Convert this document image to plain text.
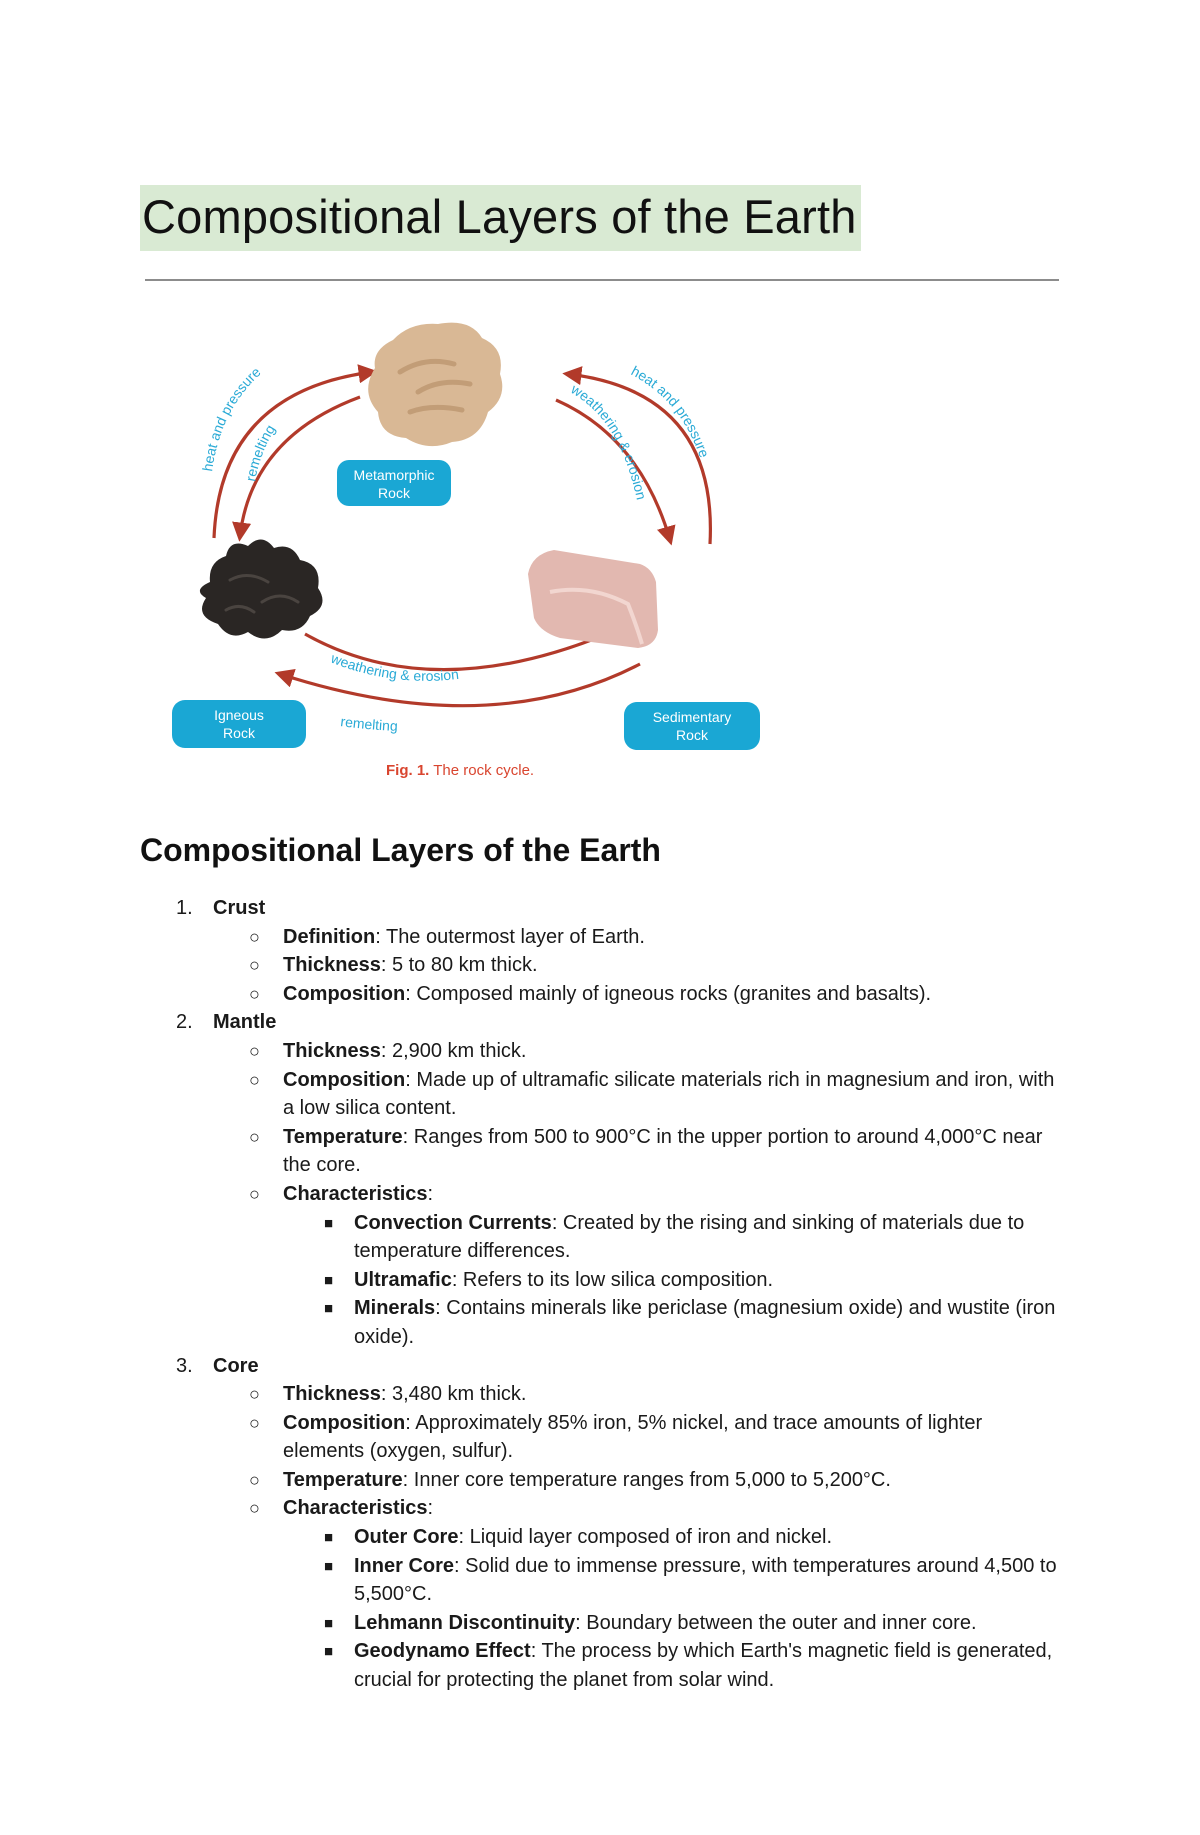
Compositional Layers of the Earth
heat and pressure
remelting
heat and pressure
weathering & erosion
weathering & erosion
remelting
Metamorphic
Rock
Igneous
Rock
Sedimentary
Rock
Fig. 1. The rock cycle.
Compositional Layers of the Earth
1. Crust
○ Definition: The outermost layer of Earth.
○ Thickness: 5 to 80 km thick.
○ Composition: Composed mainly of igneous rocks (granites and basalts).
2. Mantle
○ Thickness: 2,900 km thick.
○ Composition: Made up of ultramafic silicate materials rich in magnesium and iron, with a low silica content.
○ Temperature: Ranges from 500 to 900°C in the upper portion to around 4,000°C near the core.
○ Characteristics:
■ Convection Currents: Created by the rising and sinking of materials due to temperature differences.
■ Ultramafic: Refers to its low silica composition.
■ Minerals: Contains minerals like periclase (magnesium oxide) and wustite (iron oxide).
3. Core
○ Thickness: 3,480 km thick.
○ Composition: Approximately 85% iron, 5% nickel, and trace amounts of lighter elements (oxygen, sulfur).
○ Temperature: Inner core temperature ranges from 5,000 to 5,200°C.
○ Characteristics:
■ Outer Core: Liquid layer composed of iron and nickel.
■ Inner Core: Solid due to immense pressure, with temperatures around 4,500 to 5,500°C.
■ Lehmann Discontinuity: Boundary between the outer and inner core.
■ Geodynamo Effect: The process by which Earth's magnetic field is generated, crucial for protecting the planet from solar wind.
